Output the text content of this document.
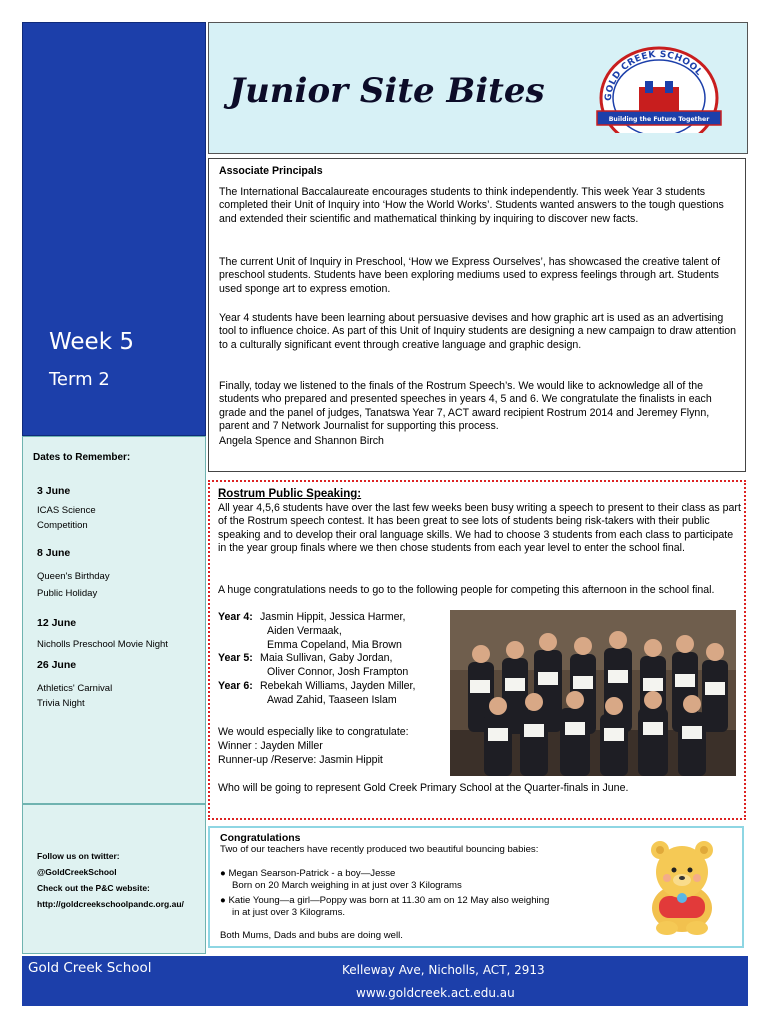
Week 5
Term 2
Dates to Remember:
3 June
ICAS Science
Competition
8 June
Queen's Birthday
Public Holiday
12 June
Nicholls Preschool Movie Night
26 June
Athletics' Carnival
Trivia Night
Follow us on twitter:
@GoldCreekSchool
Check out the P&C website:
http://goldcreekschoolpandc.org.au/
Junior Site Bites	GOLD CREEK SCHOOL
Building the Future Together
Associate Principals

The International Baccalaureate encourages students to think independently. This week Year 3 students completed their Unit of Inquiry into ‘How the World Works’. Students wanted answers to the tough questions and extended their scientific and mathematical thinking by inquiring to discover new facts.

The current Unit of Inquiry in Preschool, ‘How we Express Ourselves’, has showcased the creative talent of preschool students. Students have been exploring mediums used to express feelings through art. Students used sponge art to express emotion.

Year 4 students have been learning about persuasive devises and how graphic art is used as an advertising tool to influence choice. As part of this Unit of Inquiry students are designing a new campaign to draw attention to a culturally significant event through creative language and graphic design.

Finally, today we listened to the finals of the Rostrum Speech’s. We would like to acknowledge all of the students who prepared and presented speeches in years 4, 5 and 6. We congratulate the finalists in each grade and the panel of judges, Tanatswa Year 7, ACT award recipient Rostrum 2014 and Jeremey Flynn, parent and 7 Network Journalist for supporting this process.

Angela Spence and Shannon Birch

Rostrum Public Speaking:

All year 4,5,6 students have over the last few weeks been busy writing a speech to present to their class as part of the Rostrum speech contest. It has been great to see lots of students being risk-takers with their public speaking and to develop their oral language skills. We had to choose 3 students from each class to participate in the year group finals where we then chose students from each year level to enter the school final.

A huge congratulations needs to go to the following people for competing this afternoon in the school final.

Year 4: Jasmin Hippit, Jessica Harmer,
Aiden Vermaak,
Emma Copeland, Mia Brown
Year 5: Maia Sullivan, Gaby Jordan,
Oliver Connor, Josh Frampton
Year 6: Rebekah Williams, Jayden Miller,
Awad Zahid, Taaseen Islam
We would especially like to congratulate:
Winner : Jayden Miller
Runner-up /Reserve: Jasmin Hippit
Who will be going to represent Gold Creek Primary School at the Quarter-finals in June.
Congratulations
Two of our teachers have recently produced two beautiful bouncing babies:
● Megan Searson-Patrick - a boy—Jesse
Born on 20 March weighing in at just over 3 Kilograms
● Katie Young—a girl—Poppy was born at 11.30 am on 12 May also weighing
in at just over 3 Kilograms.
Both Mums, Dads and bubs are doing well.
Gold Creek School	Kelleway Ave, Nicholls, ACT, 2913
www.goldcreek.act.edu.au
